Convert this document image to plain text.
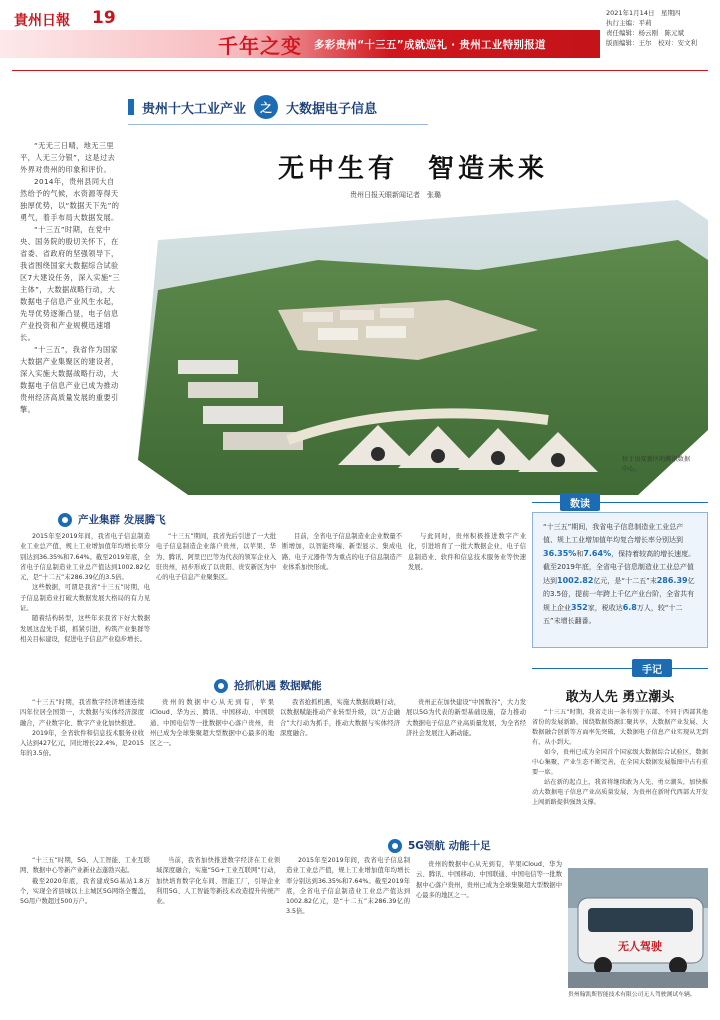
貴州日報 19
千年之变 多彩贵州“十三五”成就巡礼 · 贵州工业特别报道
2021年1月14日　星期四
执行主编：平莉
责任编辑：杨云刚　陈元斌
版面编辑：王尔　校对：安文利
贵州十大工业产业	之	大数据电子信息
无中生有　智造未来
贵州日报天眼新闻记者　张璐

“无无三日晴，地无三里平，人无三分银”，这是过去外界对贵州的印象和评价。

2014年，贵州县同大自然给予的气候，水资源等得天独厚优势，以“数据天下先”的勇气，着手布局大数据发展。

“十三五”时期，在党中央、国务院的殷切关怀下，在省委、省政府的坚强领导下，我省围绕国家大数据综合试验区7大建设任务，深入实施“三主体”，大数据战略行动，大数据电子信息产业风生水起，先导优势逐渐凸显，电子信息产业投资和产业规模迅速增长。

“十三五”，我省作为国家大数据产业集聚区的建设者，深入实施大数据战略行动，大数据电子信息产业已成为推动贵州经济高质量发展的重要引擎。

位于贵安新区的腾讯数据中心。
产业集群 发展腾飞

2015年至2019年间，我省电子信息制造业工业总产值，规上工业增加值年均增长率分别达到36.35%和7.64%。截至2019年底，全省电子信息制造业工业总产值达到1002.82亿元，是“十二五”末286.39亿的3.5倍。

这些数据，可谓是我省“十三五”时期，电子信息制造业打破大数据发展大格局的有力见证。

随着结构转型，这些年来我省下好大数据发展这盘先手棋，抓紧引进，构筑产业集群等相关目标建设，促进电子信息产业稳步增长。

“十三五”期间，我省先后引进了一大批电子信息制造企业落户贵州，以苹果、华为、腾讯、阿里巴巴等为代表的领军企业入驻贵州，初步形成了以贵阳、贵安新区为中心的电子信息产业聚集区。

目前，全省电子信息制造业企业数量不断增加，以智能终端、新型显示、集成电路、电子元器件等为重点的电子信息制造产业体系加快形成。

与此同时，贵州积极推进数字产业化，引进培育了一批大数据企业，电子信息制造业、软件和信息技术服务业等快速发展。

抢抓机遇 数据赋能

“十三五”时期，我省数字经济增速连续四年位居全国第一，大数据与实体经济深度融合，产业数字化、数字产业化加快推进。

2019年，全省软件和信息技术服务业收入达到427亿元，同比增长22.4%，是2015年的3.5倍。

贵州的数据中心从无到有，苹果iCloud、华为云、腾讯、中国移动、中国联通、中国电信等一批数据中心落户贵州，贵州已成为全球集聚超大型数据中心最多的地区之一。

我省抢抓机遇，实施大数据战略行动，以数据赋能推动产业转型升级，以“万企融合”大行动为抓手，推动大数据与实体经济深度融合。

贵州正在加快建设“中国数谷”，大力发展以5G为代表的新型基础设施，奋力推动大数据电子信息产业高质量发展，为全省经济社会发展注入新动能。

5G领航 动能十足

“十三五”时期，5G、人工智能、工业互联网、数据中心等新产业新业态蓬勃兴起。

截至2020年底，我省建成5G基站1.8万个，实现全省县城以上主城区5G网络全覆盖，5G用户数超过500万户。

当前，我省加快推进数字经济在工业领域深度融合，实施“5G+工业互联网”行动，加快培育数字化车间、智能工厂，引导企业利用5G、人工智能等新技术改造提升传统产业。

2015年至2019年间，我省电子信息制造业工业总产值，规上工业增加值年均增长率分别达到36.35%和7.64%。截至2019年底，全省电子信息制造业工业总产值达到1002.82亿元，是“十二五”末286.39亿的3.5倍。

贵州的数据中心从无到有，苹果iCloud、华为云、腾讯、中国移动、中国联通、中国电信等一批数据中心落户贵州，贵州已成为全球集聚超大型数据中心最多的地区之一。

数读
“十三五”期间，我省电子信息制造业工业总产值、规上工业增加值年均复合增长率分别达到36.35%和7.64%，保持着较高的增长速度。截至2019年底，全省电子信息制造业工业总产值达到1002.82亿元，是“十二五”末286.39亿的3.5倍，提前一年跨上千亿产业台阶，全省共有规上企业352家，税收达6.8万人，较“十二五”末增长翻番。
手记
敢为人先 勇立潮头

“十三五”时期，我省走出一条有别于东部、不同于西部其他省份的发展新路，围绕数据资源汇聚共享、大数据产业发展、大数据融合创新等方面率先突破，大数据电子信息产业实现从无到有，从小到大。

如今，贵州已成为全国首个国家级大数据综合试验区，数据中心集聚，产业生态不断完善，在全国大数据发展版图中占有重要一席。

站在新的起点上，我省将继续敢为人先、勇立潮头，加快推动大数据电子信息产业高质量发展，为贵州在新时代西部大开发上闯新路提供强劲支撑。

无人驾驶
贵州翰凯斯智能技术有限公司无人驾驶测试车辆。
